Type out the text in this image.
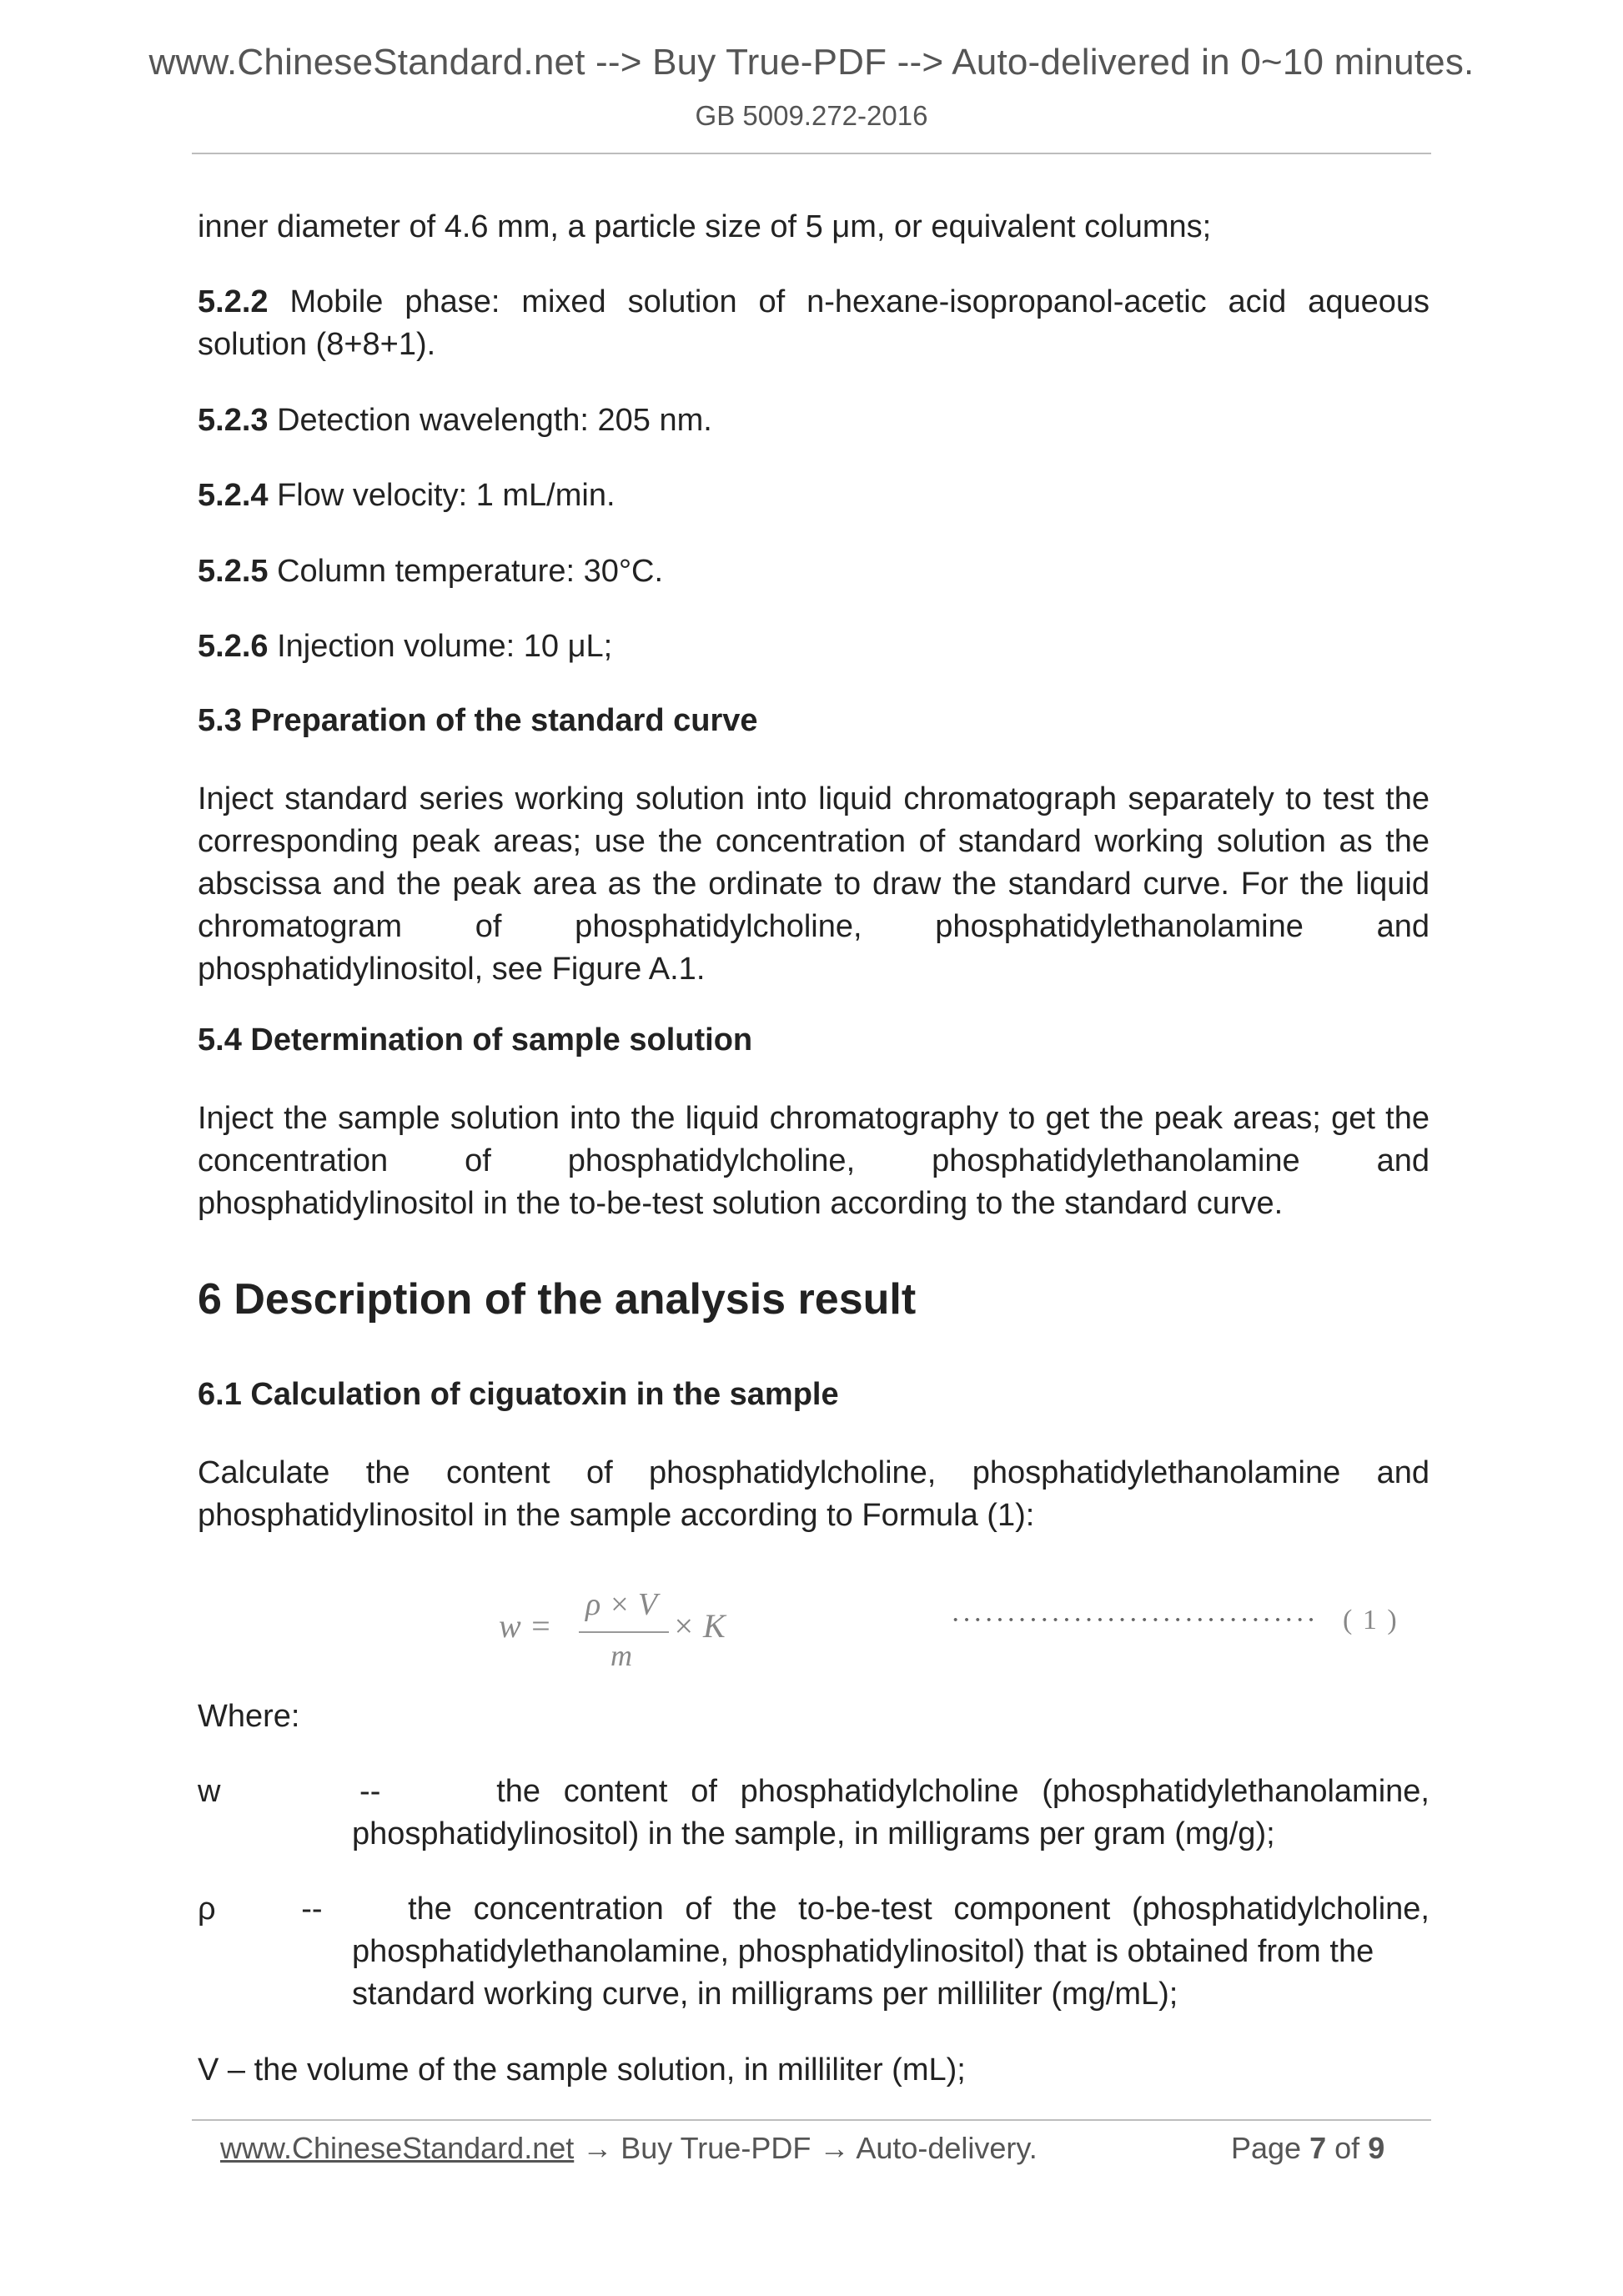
www.ChineseStandard.net --> Buy True-PDF --> Auto-delivered in 0~10 minutes.
GB 5009.272-2016
inner diameter of 4.6 mm, a particle size of 5 μm, or equivalent columns;
5.2.2 Mobile phase: mixed solution of n-hexane-isopropanol-acetic acid aqueous solution (8+8+1).
5.2.3 Detection wavelength: 205 nm.
5.2.4 Flow velocity: 1 mL/min.
5.2.5 Column temperature: 30°C.
5.2.6 Injection volume: 10 μL;
5.3 Preparation of the standard curve
Inject standard series working solution into liquid chromatograph separately to test the corresponding peak areas; use the concentration of standard working solution as the abscissa and the peak area as the ordinate to draw the standard curve. For the liquid chromatogram of phosphatidylcholine, phosphatidylethanolamine and phosphatidylinositol, see Figure A.1.
5.4 Determination of sample solution
Inject the sample solution into the liquid chromatography to get the peak areas; get the concentration of phosphatidylcholine, phosphatidylethanolamine and phosphatidylinositol in the to-be-test solution according to the standard curve.
6 Description of the analysis result
6.1 Calculation of ciguatoxin in the sample
Calculate the content of phosphatidylcholine, phosphatidylethanolamine and phosphatidylinositol in the sample according to Formula (1):
w =
ρ × V
m
× K	································· ( 1 )
Where:
w	--	the content of phosphatidylcholine (phosphatidylethanolamine,
phosphatidylinositol) in the sample, in milligrams per gram (mg/g);
ρ	--	the concentration of the to-be-test component (phosphatidylcholine,
phosphatidylethanolamine, phosphatidylinositol) that is obtained from the standard working curve, in milligrams per milliliter (mg/mL);
V – the volume of the sample solution, in milliliter (mL);
www.ChineseStandard.net → Buy True-PDF → Auto-delivery.	Page 7 of 9
